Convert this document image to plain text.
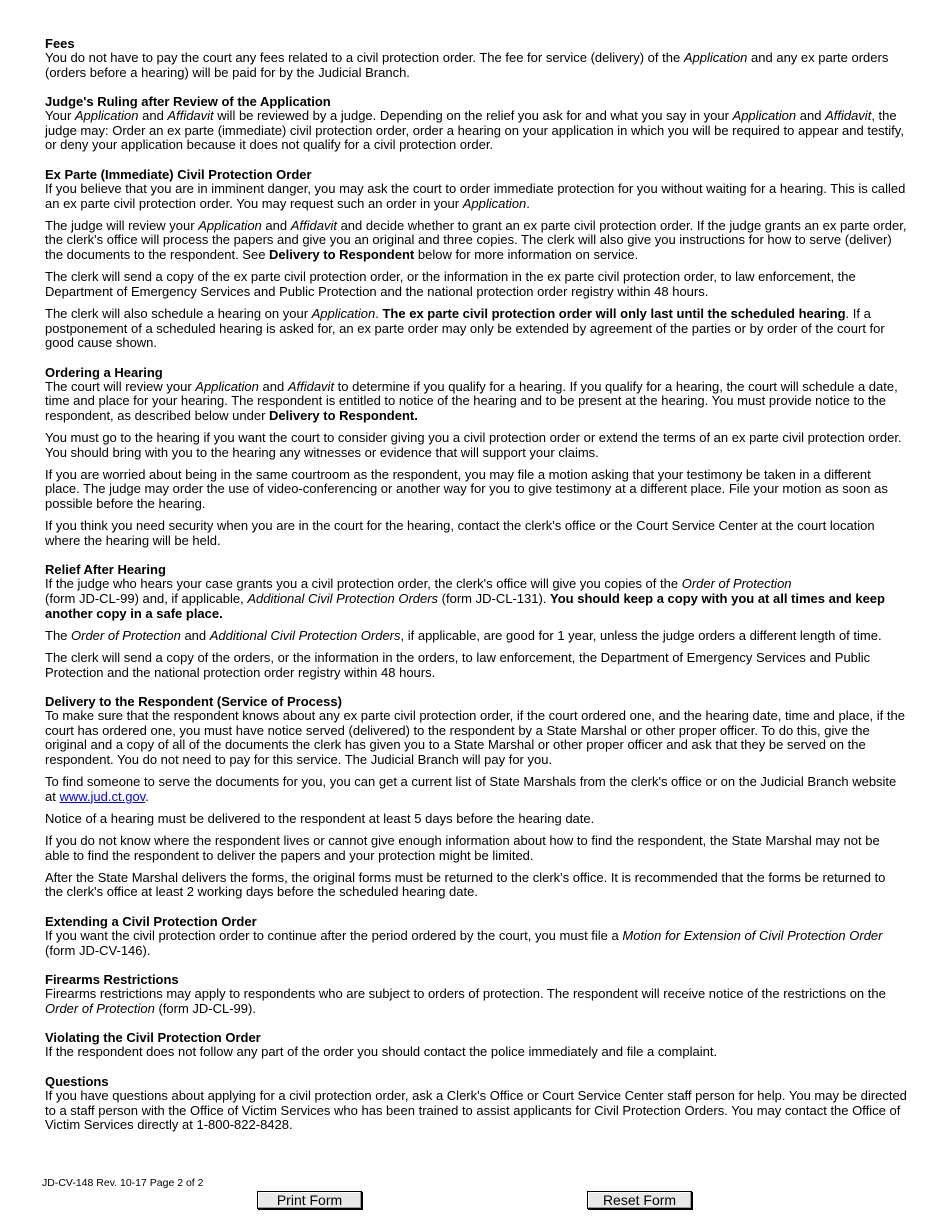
Fees

You do not have to pay the court any fees related to a civil protection order. The fee for service (delivery) of the Application and any ex parte orders (orders before a hearing) will be paid for by the Judicial Branch.

Judge's Ruling after Review of the Application

Your Application and Affidavit will be reviewed by a judge. Depending on the relief you ask for and what you say in your Application and Affidavit, the judge may: Order an ex parte (immediate) civil protection order, order a hearing on your application in which you will be required to appear and testify, or deny your application because it does not qualify for a civil protection order.

Ex Parte (Immediate) Civil Protection Order

If you believe that you are in imminent danger, you may ask the court to order immediate protection for you without waiting for a hearing. This is called an ex parte civil protection order. You may request such an order in your Application.

The judge will review your Application and Affidavit and decide whether to grant an ex parte civil protection order. If the judge grants an ex parte order, the clerk's office will process the papers and give you an original and three copies. The clerk will also give you instructions for how to serve (deliver) the documents to the respondent. See Delivery to Respondent below for more information on service.

The clerk will send a copy of the ex parte civil protection order, or the information in the ex parte civil protection order, to law enforcement, the Department of Emergency Services and Public Protection and the national protection order registry within 48 hours.

The clerk will also schedule a hearing on your Application. The ex parte civil protection order will only last until the scheduled hearing. If a postponement of a scheduled hearing is asked for, an ex parte order may only be extended by agreement of the parties or by order of the court for good cause shown.

Ordering a Hearing

The court will review your Application and Affidavit to determine if you qualify for a hearing. If you qualify for a hearing, the court will schedule a date, time and place for your hearing. The respondent is entitled to notice of the hearing and to be present at the hearing. You must provide notice to the respondent, as described below under Delivery to Respondent.

You must go to the hearing if you want the court to consider giving you a civil protection order or extend the terms of an ex parte civil protection order. You should bring with you to the hearing any witnesses or evidence that will support your claims.

If you are worried about being in the same courtroom as the respondent, you may file a motion asking that your testimony be taken in a different place. The judge may order the use of video-conferencing or another way for you to give testimony at a different place. File your motion as soon as possible before the hearing.

If you think you need security when you are in the court for the hearing, contact the clerk's office or the Court Service Center at the court location where the hearing will be held.

Relief After Hearing

If the judge who hears your case grants you a civil protection order, the clerk's office will give you copies of the Order of Protection
(form JD-CL-99) and, if applicable, Additional Civil Protection Orders (form JD-CL-131). You should keep a copy with you at all times and keep another copy in a safe place.

The Order of Protection and Additional Civil Protection Orders, if applicable, are good for 1 year, unless the judge orders a different length of time.

The clerk will send a copy of the orders, or the information in the orders, to law enforcement, the Department of Emergency Services and Public Protection and the national protection order registry within 48 hours.

Delivery to the Respondent (Service of Process)

To make sure that the respondent knows about any ex parte civil protection order, if the court ordered one, and the hearing date, time and place, if the court has ordered one, you must have notice served (delivered) to the respondent by a State Marshal or other proper officer. To do this, give the original and a copy of all of the documents the clerk has given you to a State Marshal or other proper officer and ask that they be served on the respondent. You do not need to pay for this service. The Judicial Branch will pay for you.

To find someone to serve the documents for you, you can get a current list of State Marshals from the clerk's office or on the Judicial Branch website at www.jud.ct.gov.

Notice of a hearing must be delivered to the respondent at least 5 days before the hearing date.

If you do not know where the respondent lives or cannot give enough information about how to find the respondent, the State Marshal may not be able to find the respondent to deliver the papers and your protection might be limited.

After the State Marshal delivers the forms, the original forms must be returned to the clerk's office. It is recommended that the forms be returned to the clerk's office at least 2 working days before the scheduled hearing date.

Extending a Civil Protection Order

If you want the civil protection order to continue after the period ordered by the court, you must file a Motion for Extension of Civil Protection Order (form JD-CV-146).

Firearms Restrictions

Firearms restrictions may apply to respondents who are subject to orders of protection. The respondent will receive notice of the restrictions on the Order of Protection (form JD-CL-99).

Violating the Civil Protection Order

If the respondent does not follow any part of the order you should contact the police immediately and file a complaint.

Questions

If you have questions about applying for a civil protection order, ask a Clerk's Office or Court Service Center staff person for help. You may be directed to a staff person with the Office of Victim Services who has been trained to assist applicants for Civil Protection Orders. You may contact the Office of Victim Services directly at 1-800-822-8428.

JD-CV-148 Rev. 10-17 Page 2 of 2
Print Form	Reset Form
